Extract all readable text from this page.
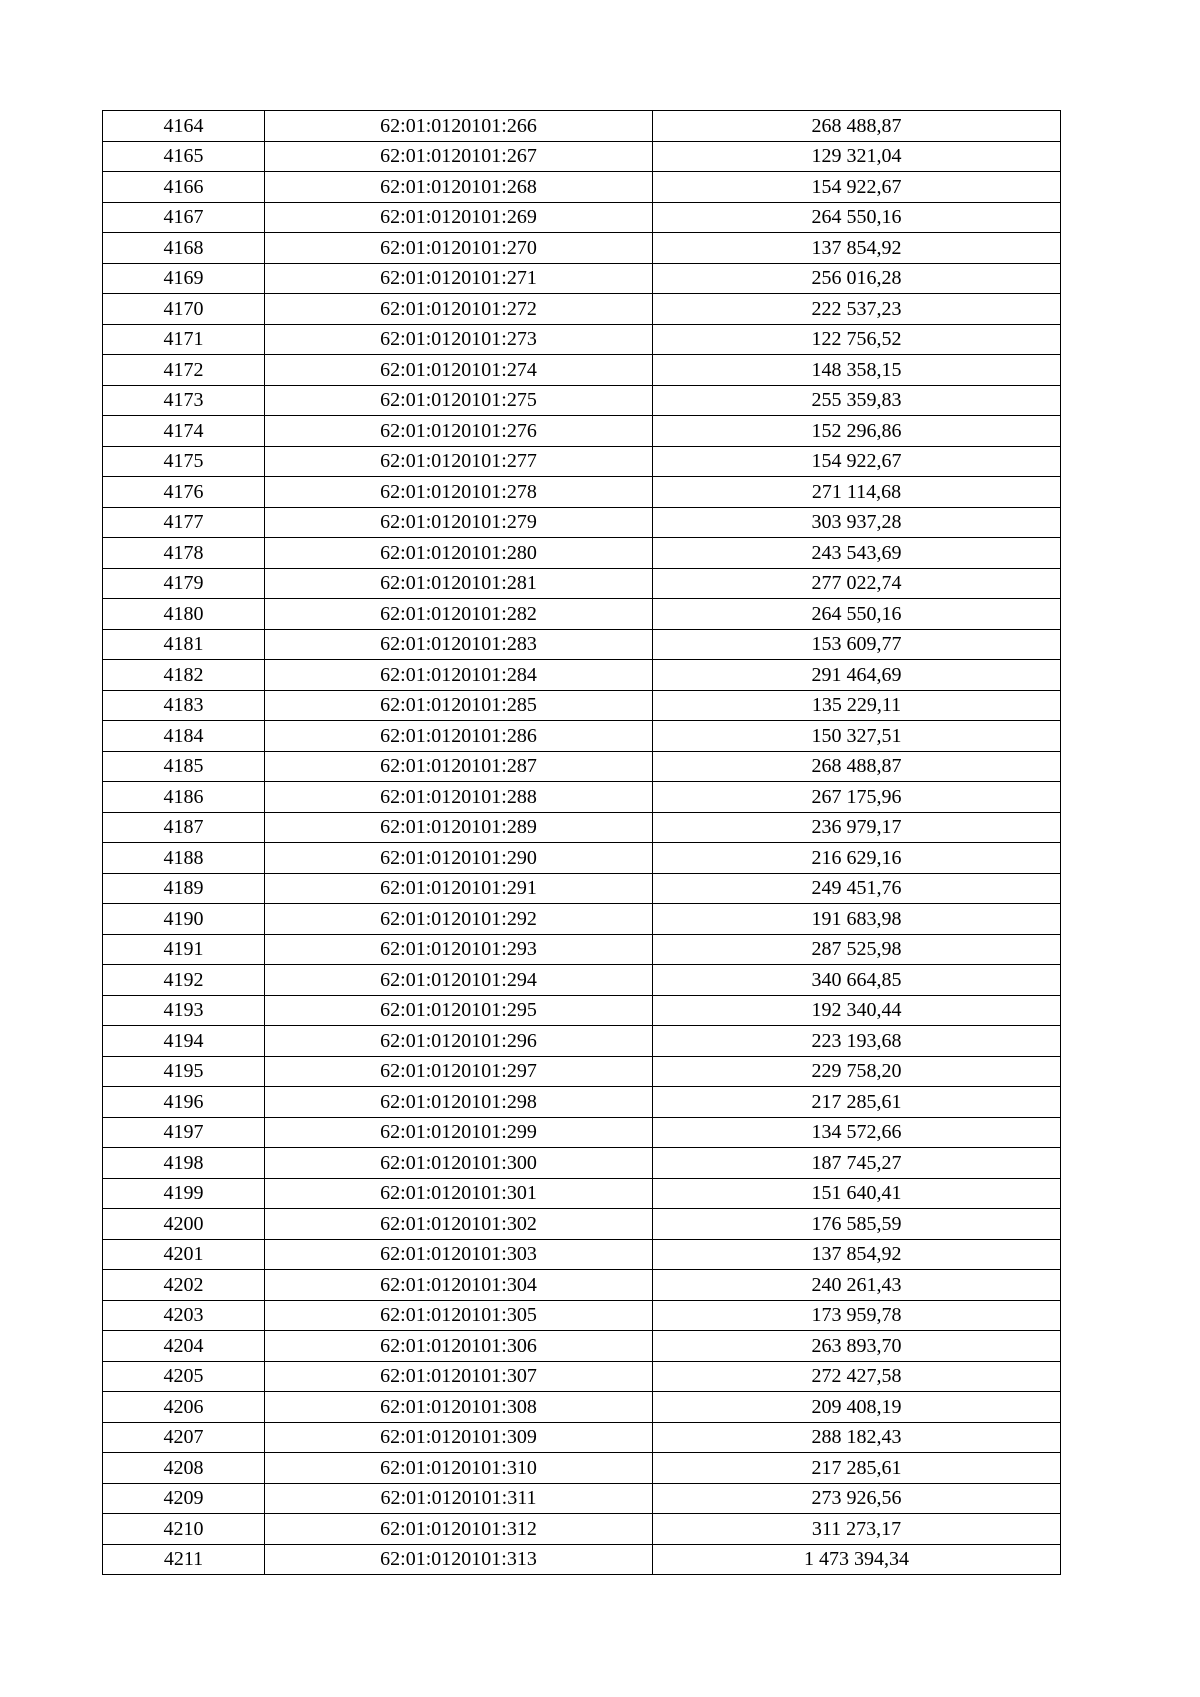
4164	62:01:0120101:266	268 488,87
4165	62:01:0120101:267	129 321,04
4166	62:01:0120101:268	154 922,67
4167	62:01:0120101:269	264 550,16
4168	62:01:0120101:270	137 854,92
4169	62:01:0120101:271	256 016,28
4170	62:01:0120101:272	222 537,23
4171	62:01:0120101:273	122 756,52
4172	62:01:0120101:274	148 358,15
4173	62:01:0120101:275	255 359,83
4174	62:01:0120101:276	152 296,86
4175	62:01:0120101:277	154 922,67
4176	62:01:0120101:278	271 114,68
4177	62:01:0120101:279	303 937,28
4178	62:01:0120101:280	243 543,69
4179	62:01:0120101:281	277 022,74
4180	62:01:0120101:282	264 550,16
4181	62:01:0120101:283	153 609,77
4182	62:01:0120101:284	291 464,69
4183	62:01:0120101:285	135 229,11
4184	62:01:0120101:286	150 327,51
4185	62:01:0120101:287	268 488,87
4186	62:01:0120101:288	267 175,96
4187	62:01:0120101:289	236 979,17
4188	62:01:0120101:290	216 629,16
4189	62:01:0120101:291	249 451,76
4190	62:01:0120101:292	191 683,98
4191	62:01:0120101:293	287 525,98
4192	62:01:0120101:294	340 664,85
4193	62:01:0120101:295	192 340,44
4194	62:01:0120101:296	223 193,68
4195	62:01:0120101:297	229 758,20
4196	62:01:0120101:298	217 285,61
4197	62:01:0120101:299	134 572,66
4198	62:01:0120101:300	187 745,27
4199	62:01:0120101:301	151 640,41
4200	62:01:0120101:302	176 585,59
4201	62:01:0120101:303	137 854,92
4202	62:01:0120101:304	240 261,43
4203	62:01:0120101:305	173 959,78
4204	62:01:0120101:306	263 893,70
4205	62:01:0120101:307	272 427,58
4206	62:01:0120101:308	209 408,19
4207	62:01:0120101:309	288 182,43
4208	62:01:0120101:310	217 285,61
4209	62:01:0120101:311	273 926,56
4210	62:01:0120101:312	311 273,17
4211	62:01:0120101:313	1 473 394,34
